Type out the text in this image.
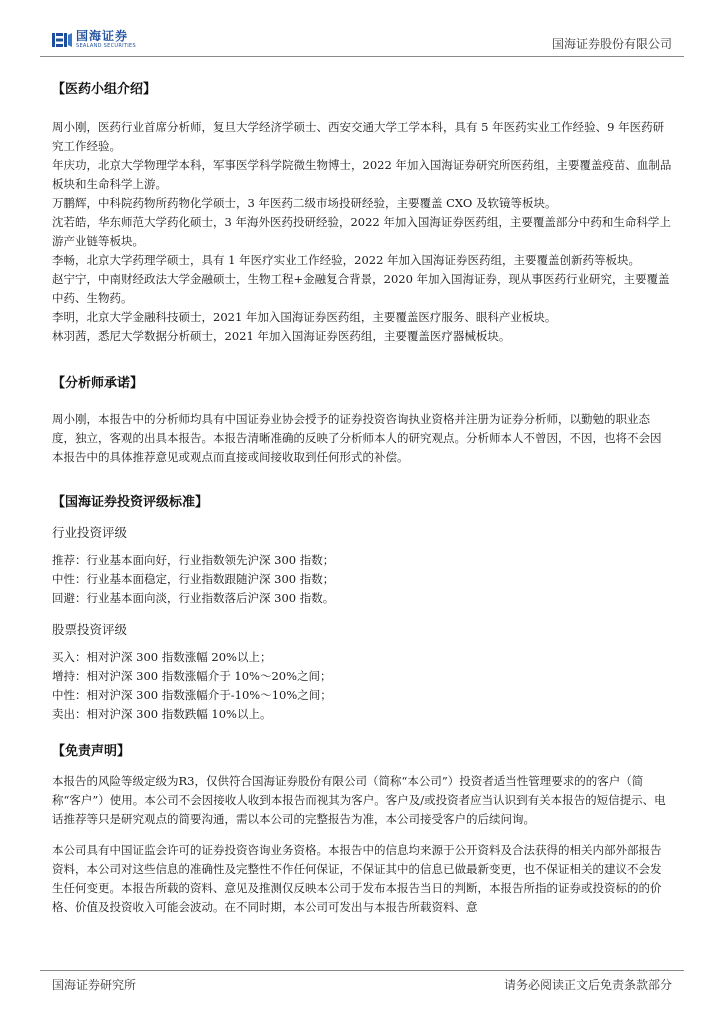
国海证券
SEALAND SECURITIES	国海证券股份有限公司
【医药小组介绍】

周小刚，医药行业首席分析师，复旦大学经济学硕士、西安交通大学工学本科，具有 5 年医药实业工作经验、9 年医药研究工作经验。

年庆功，北京大学物理学本科，军事医学科学院微生物博士，2022 年加入国海证券研究所医药组，主要覆盖疫苗、血制品板块和生命科学上游。

万鹏辉，中科院药物所药物化学硕士，3 年医药二级市场投研经验，主要覆盖 CXO 及软镜等板块。

沈若皓，华东师范大学药化硕士，3 年海外医药投研经验，2022 年加入国海证券医药组，主要覆盖部分中药和生命科学上游产业链等板块。

李畅，北京大学药理学硕士，具有 1 年医疗实业工作经验，2022 年加入国海证券医药组，主要覆盖创新药等板块。

赵宁宁，中南财经政法大学金融硕士，生物工程+金融复合背景，2020 年加入国海证券，现从事医药行业研究，主要覆盖中药、生物药。

李明，北京大学金融科技硕士，2021 年加入国海证券医药组，主要覆盖医疗服务、眼科产业板块。

林羽茜，悉尼大学数据分析硕士，2021 年加入国海证券医药组，主要覆盖医疗器械板块。

【分析师承诺】

周小刚，本报告中的分析师均具有中国证券业协会授予的证券投资咨询执业资格并注册为证券分析师，以勤勉的职业态度，独立，客观的出具本报告。本报告清晰准确的反映了分析师本人的研究观点。分析师本人不曾因，不因，也将不会因本报告中的具体推荐意见或观点而直接或间接收取到任何形式的补偿。

【国海证券投资评级标准】

行业投资评级

推荐：行业基本面向好，行业指数领先沪深 300 指数；

中性：行业基本面稳定，行业指数跟随沪深 300 指数；

回避：行业基本面向淡，行业指数落后沪深 300 指数。

股票投资评级

买入：相对沪深 300 指数涨幅 20%以上；

增持：相对沪深 300 指数涨幅介于 10%～20%之间；

中性：相对沪深 300 指数涨幅介于-10%～10%之间；

卖出：相对沪深 300 指数跌幅 10%以上。

【免责声明】

本报告的风险等级定级为R3，仅供符合国海证券股份有限公司（简称“本公司”）投资者适当性管理要求的的客户（简称“客户”）使用。本公司不会因接收人收到本报告而视其为客户。客户及/或投资者应当认识到有关本报告的短信提示、电话推荐等只是研究观点的简要沟通，需以本公司的完整报告为准，本公司接受客户的后续问询。

本公司具有中国证监会许可的证券投资咨询业务资格。本报告中的信息均来源于公开资料及合法获得的相关内部外部报告资料，本公司对这些信息的准确性及完整性不作任何保证，不保证其中的信息已做最新变更，也不保证相关的建议不会发生任何变更。本报告所载的资料、意见及推测仅反映本公司于发布本报告当日的判断，本报告所指的证券或投资标的的价格、价值及投资收入可能会波动。在不同时期，本公司可发出与本报告所载资料、意

国海证券研究所	请务必阅读正文后免责条款部分
